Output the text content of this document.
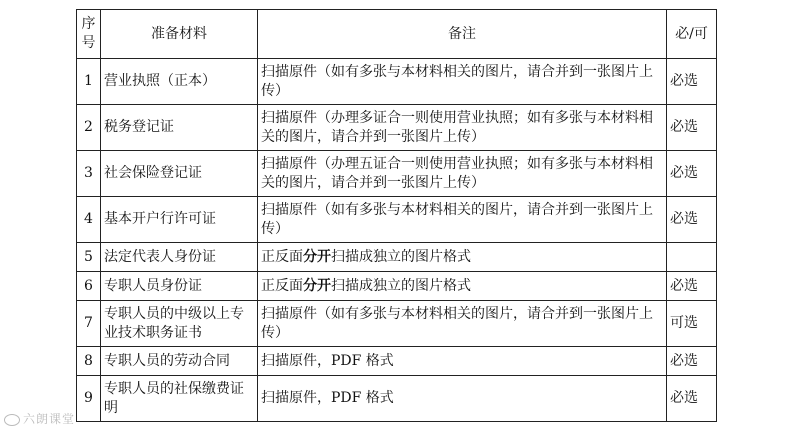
序号	准备材料	备注	必/可
1	营业执照（正本）	扫描原件（如有多张与本材料相关的图片，请合并到一张图片上传）	必选
2	税务登记证	扫描原件（办理多证合一则使用营业执照；如有多张与本材料相关的图片，请合并到一张图片上传）	必选
3	社会保险登记证	扫描原件（办理五证合一则使用营业执照；如有多张与本材料相关的图片，请合并到一张图片上传）	必选
4	基本开户行许可证	扫描原件（如有多张与本材料相关的图片，请合并到一张图片上传）	必选
5	法定代表人身份证	正反面分开扫描成独立的图片格式	
6	专职人员身份证	正反面分开扫描成独立的图片格式	必选
7	专职人员的中级以上专业技术职务证书	扫描原件（如有多张与本材料相关的图片，请合并到一张图片上传）	可选
8	专职人员的劳动合同	扫描原件，PDF 格式	必选
9	专职人员的社保缴费证明	扫描原件，PDF 格式	必选
六朗课堂
